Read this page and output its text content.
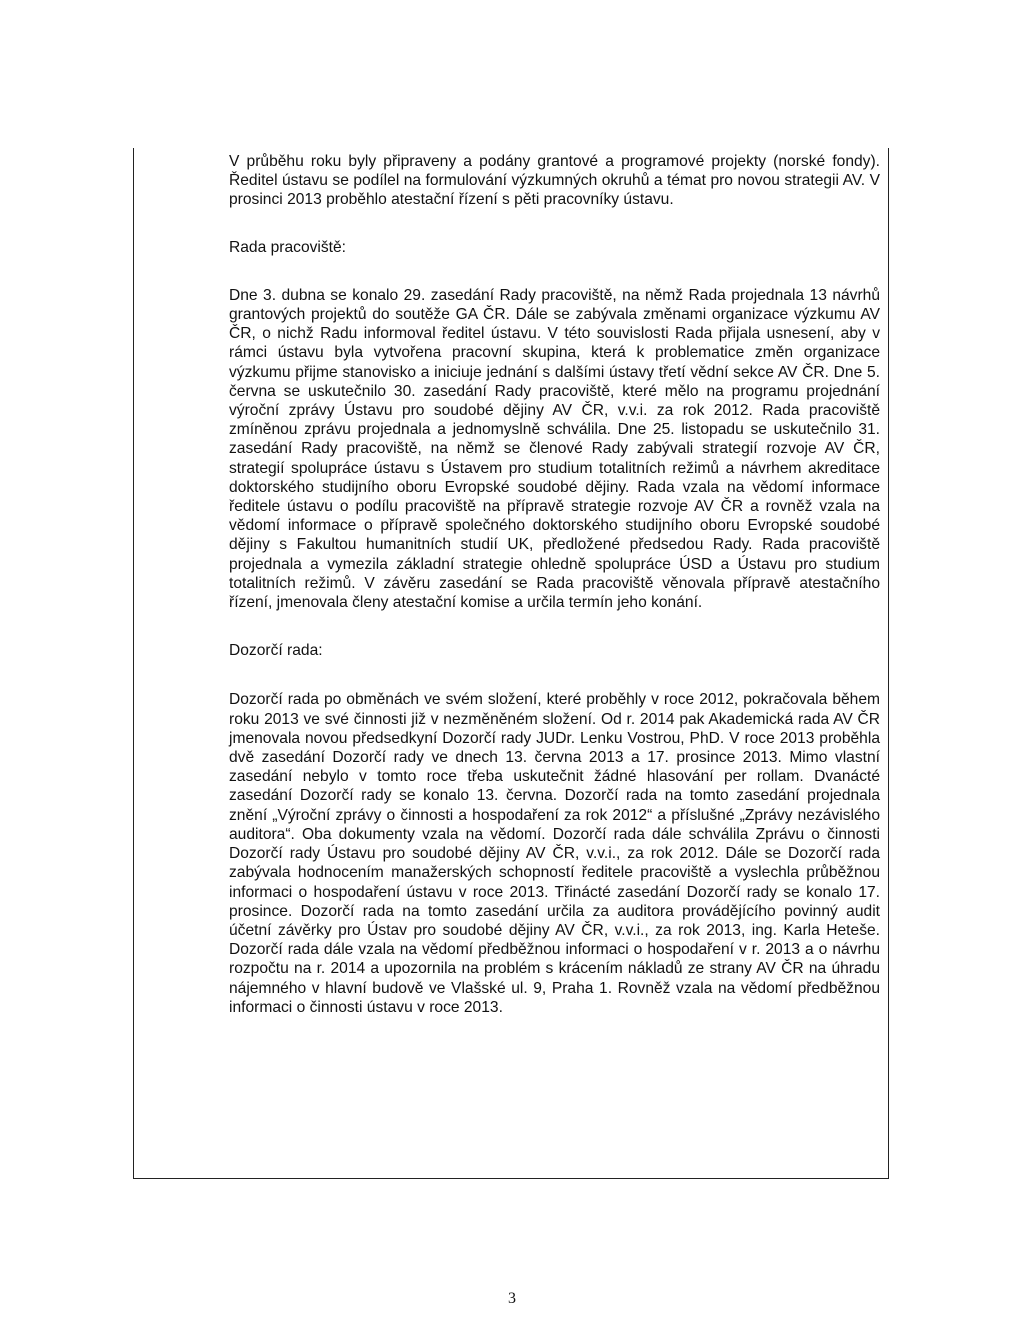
V průběhu roku byly připraveny a podány grantové a programové projekty (norské fondy). Ředitel ústavu se podílel na formulování výzkumných okruhů a témat pro novou strategii AV. V prosinci 2013 proběhlo atestační řízení s pěti pracovníky ústavu.

Rada pracoviště:

Dne 3. dubna se konalo 29. zasedání Rady pracoviště, na němž Rada projednala 13 návrhů grantových projektů do soutěže GA ČR. Dále se zabývala změnami organizace výzkumu AV ČR, o nichž Radu informoval ředitel ústavu. V této souvislosti Rada přijala usnesení, aby v rámci ústavu byla vytvořena pracovní skupina, která k problematice změn organizace výzkumu přijme stanovisko a iniciuje jednání s dalšími ústavy třetí vědní sekce AV ČR. Dne 5. června se uskutečnilo 30. zasedání Rady pracoviště, které mělo na programu projednání výroční zprávy Ústavu pro soudobé dějiny AV ČR, v.v.i. za rok 2012. Rada pracoviště zmíněnou zprávu projednala a jednomyslně schválila. Dne 25. listopadu se uskutečnilo 31. zasedání Rady pracoviště, na němž se členové Rady zabývali strategií rozvoje AV ČR, strategií spolupráce ústavu s Ústavem pro studium totalitních režimů a návrhem akreditace doktorského studijního oboru Evropské soudobé dějiny. Rada vzala na vědomí informace ředitele ústavu o podílu pracoviště na přípravě strategie rozvoje AV ČR a rovněž vzala na vědomí informace o přípravě společného doktorského studijního oboru Evropské soudobé dějiny s Fakultou humanitních studií UK, předložené předsedou Rady. Rada pracoviště projednala a vymezila základní strategie ohledně spolupráce ÚSD a Ústavu pro studium totalitních režimů. V závěru zasedání se Rada pracoviště věnovala přípravě atestačního řízení, jmenovala členy atestační komise a určila termín jeho konání.

Dozorčí rada:

Dozorčí rada po obměnách ve svém složení, které proběhly v roce 2012, pokračovala během roku 2013 ve své činnosti již v nezměněném složení. Od r. 2014 pak Akademická rada AV ČR jmenovala novou předsedkyní Dozorčí rady JUDr. Lenku Vostrou, PhD. V roce 2013 proběhla dvě zasedání Dozorčí rady ve dnech 13. června 2013 a 17. prosince 2013. Mimo vlastní zasedání nebylo v tomto roce třeba uskutečnit žádné hlasování per rollam. Dvanácté zasedání Dozorčí rady se konalo 13. června. Dozorčí rada na tomto zasedání projednala znění „Výroční zprávy o činnosti a hospodaření za rok 2012“ a příslušné „Zprávy nezávislého auditora“. Oba dokumenty vzala na vědomí. Dozorčí rada dále schválila Zprávu o činnosti Dozorčí rady Ústavu pro soudobé dějiny AV ČR, v.v.i., za rok 2012. Dále se Dozorčí rada zabývala hodnocením manažerských schopností ředitele pracoviště a vyslechla průběžnou informaci o hospodaření ústavu v roce 2013. Třinácté zasedání Dozorčí rady se konalo 17. prosince. Dozorčí rada na tomto zasedání určila za auditora provádějícího povinný audit účetní závěrky pro Ústav pro soudobé dějiny AV ČR, v.v.i., za rok 2013, ing. Karla Heteše. Dozorčí rada dále vzala na vědomí předběžnou informaci o hospodaření v r. 2013 a o návrhu rozpočtu na r. 2014 a upozornila na problém s krácením nákladů ze strany AV ČR na úhradu nájemného v hlavní budově ve Vlašské ul. 9, Praha 1. Rovněž vzala na vědomí předběžnou informaci o činnosti ústavu v roce 2013.

3
